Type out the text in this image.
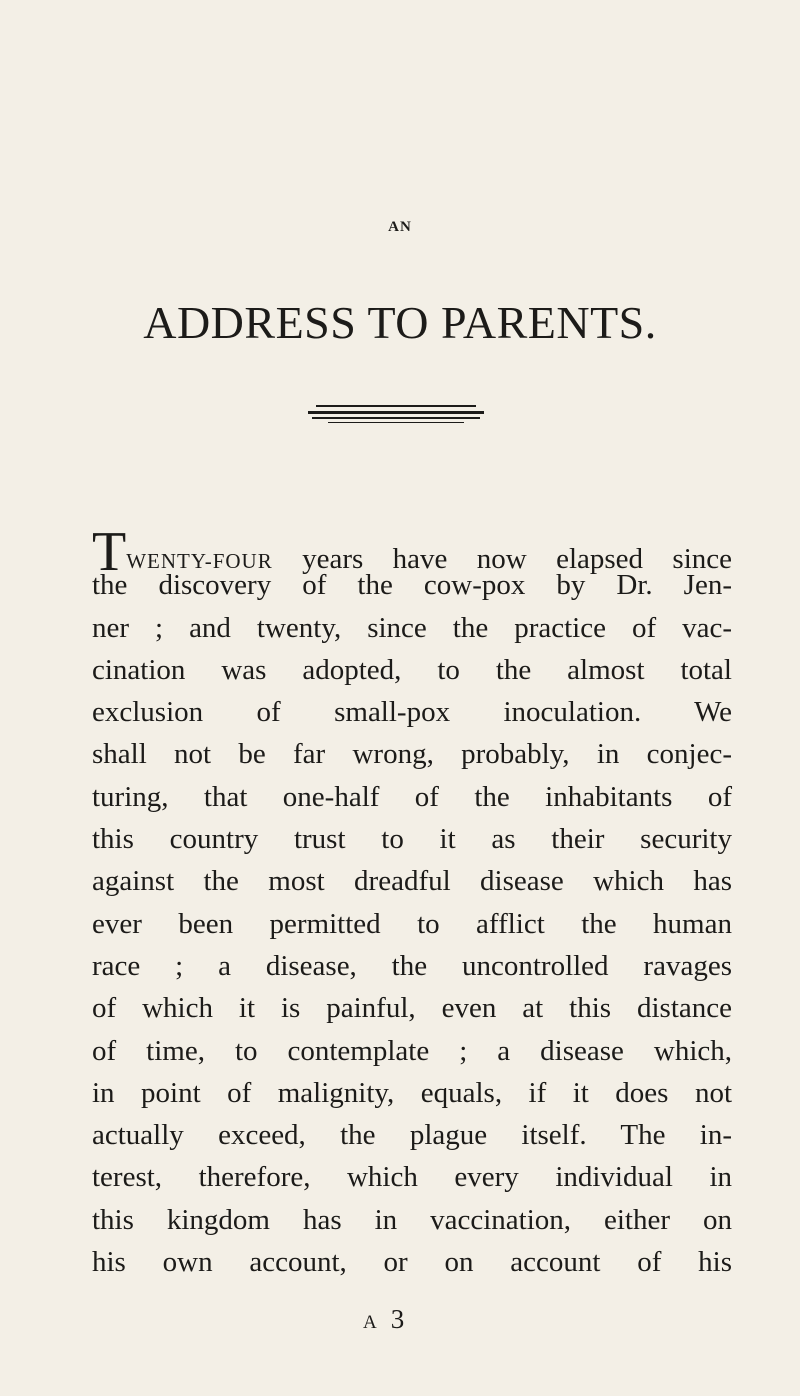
AN
ADDRESS TO PARENTS.
TWENTY-FOUR years have now elapsed since
the discovery of the cow-pox by Dr. Jen-
ner ; and twenty, since the practice of vac-
cination was adopted, to the almost total
exclusion of small-pox inoculation. We
shall not be far wrong, probably, in conjec-
turing, that one-half of the inhabitants of
this country trust to it as their security
against the most dreadful disease which has
ever been permitted to afflict the human
race ; a disease, the uncontrolled ravages
of which it is painful, even at this distance
of time, to contemplate ; a disease which,
in point of malignity, equals, if it does not
actually exceed, the plague itself. The in-
terest, therefore, which every individual in
this kingdom has in vaccination, either on
his own account, or on account of his
A3
